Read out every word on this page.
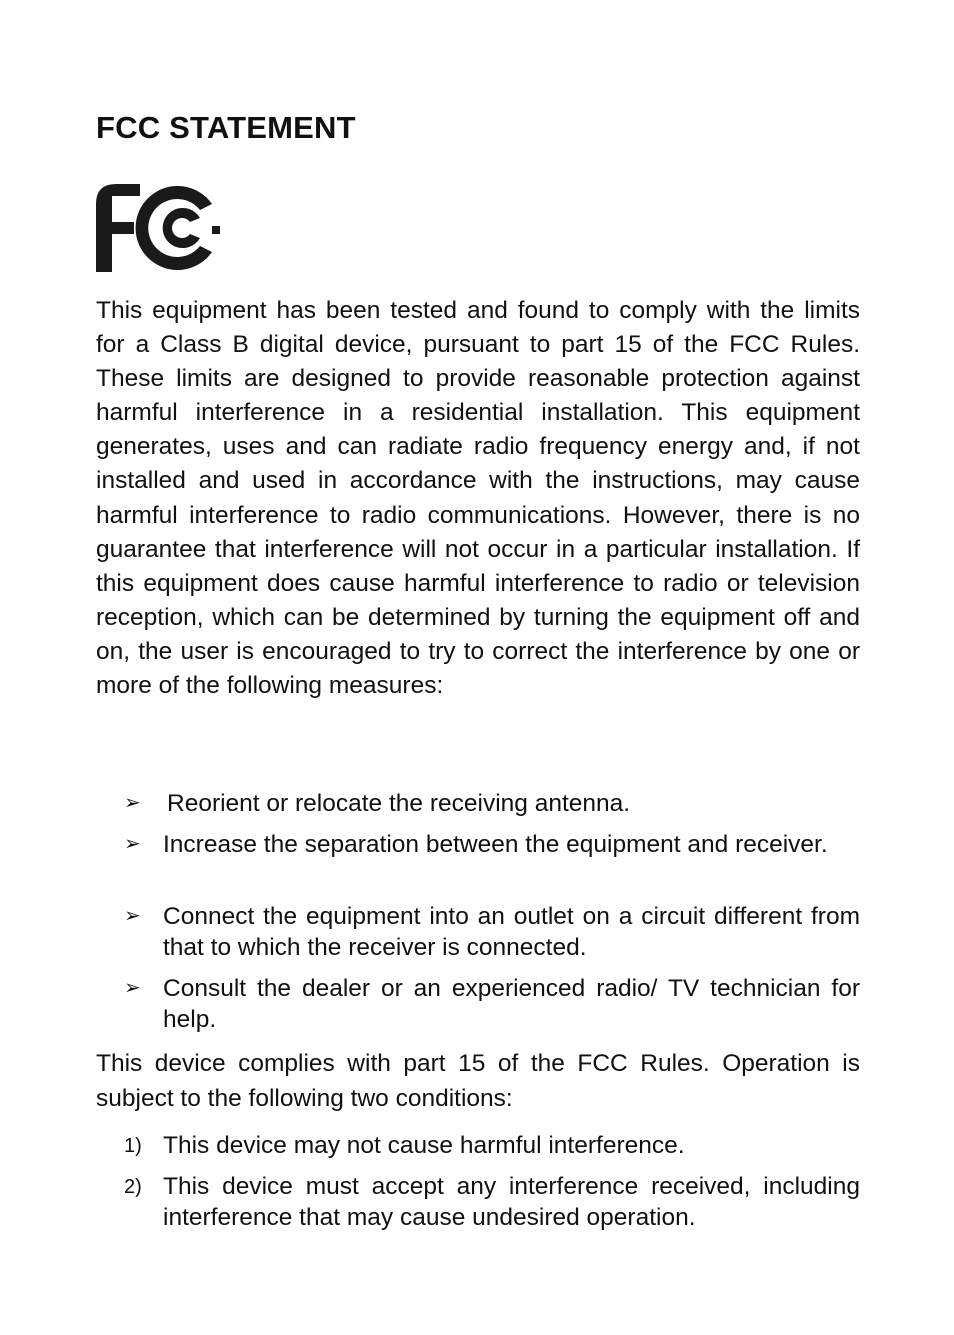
FCC STATEMENT

This equipment has been tested and found to comply with the limits for a Class B digital device, pursuant to part 15 of the FCC Rules. These limits are designed to provide reasonable protection against harmful interference in a residential installation. This equipment generates, uses and can radiate radio frequency energy and, if not installed and used in accordance with the instructions, may cause harmful interference to radio communications. However, there is no guarantee that interference will not occur in a particular installation. If this equipment does cause harmful interference to radio or television reception, which can be determined by turning the equipment off and on, the user is encouraged to try to correct the interference by one or more of the following measures:

➢ Reorient or relocate the receiving antenna.

➢ Increase the separation between the equipment and receiver.

➢ Connect the equipment into an outlet on a circuit different from that to which the receiver is connected.

➢ Consult the dealer or an experienced radio/ TV technician for help.

This device complies with part 15 of the FCC Rules. Operation is subject to the following two conditions:

1) This device may not cause harmful interference.

2) This device must accept any interference received, including interference that may cause undesired operation.
